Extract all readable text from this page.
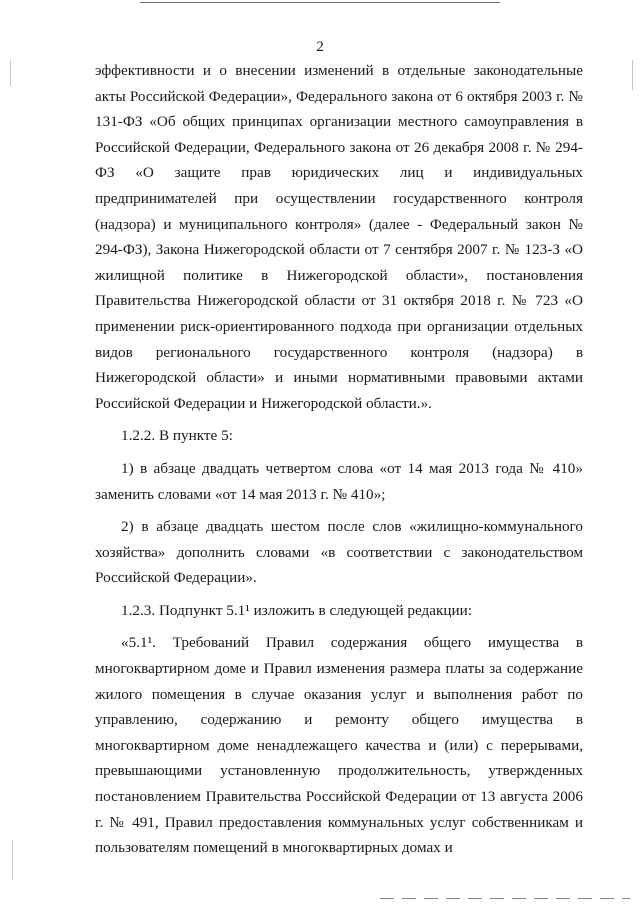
2

эффективности и о внесении изменений в отдельные законодательные акты Российской Федерации», Федерального закона от 6 октября 2003 г. № 131-ФЗ «Об общих принципах организации местного самоуправления в Российской Федерации, Федерального закона от 26 декабря 2008 г. № 294-ФЗ «О защите прав юридических лиц и индивидуальных предпринимателей при осуществлении государственного контроля (надзора) и муниципального контроля» (далее - Федеральный закон № 294-ФЗ), Закона Нижегородской области от 7 сентября 2007 г. № 123-З «О жилищной политике в Нижегородской области», постановления Правительства Нижегородской области от 31 октября 2018 г. № 723 «О применении риск-ориентированного подхода при организации отдельных видов регионального государственного контроля (надзора) в Нижегородской области» и иными нормативными правовыми актами Российской Федерации и Нижегородской области.».

1.2.2. В пункте 5:

1) в абзаце двадцать четвертом слова «от 14 мая 2013 года № 410» заменить словами «от 14 мая 2013 г. № 410»;

2) в абзаце двадцать шестом после слов «жилищно-коммунального хозяйства» дополнить словами «в соответствии с законодательством Российской Федерации».

1.2.3. Подпункт 5.1¹ изложить в следующей редакции:

«5.1¹. Требований Правил содержания общего имущества в многоквартирном доме и Правил изменения размера платы за содержание жилого помещения в случае оказания услуг и выполнения работ по управлению, содержанию и ремонту общего имущества в многоквартирном доме ненадлежащего качества и (или) с перерывами, превышающими установленную продолжительность, утвержденных постановлением Правительства Российской Федерации от 13 августа 2006 г. № 491, Правил предоставления коммунальных услуг собственникам и пользователям помещений в многоквартирных домах и
